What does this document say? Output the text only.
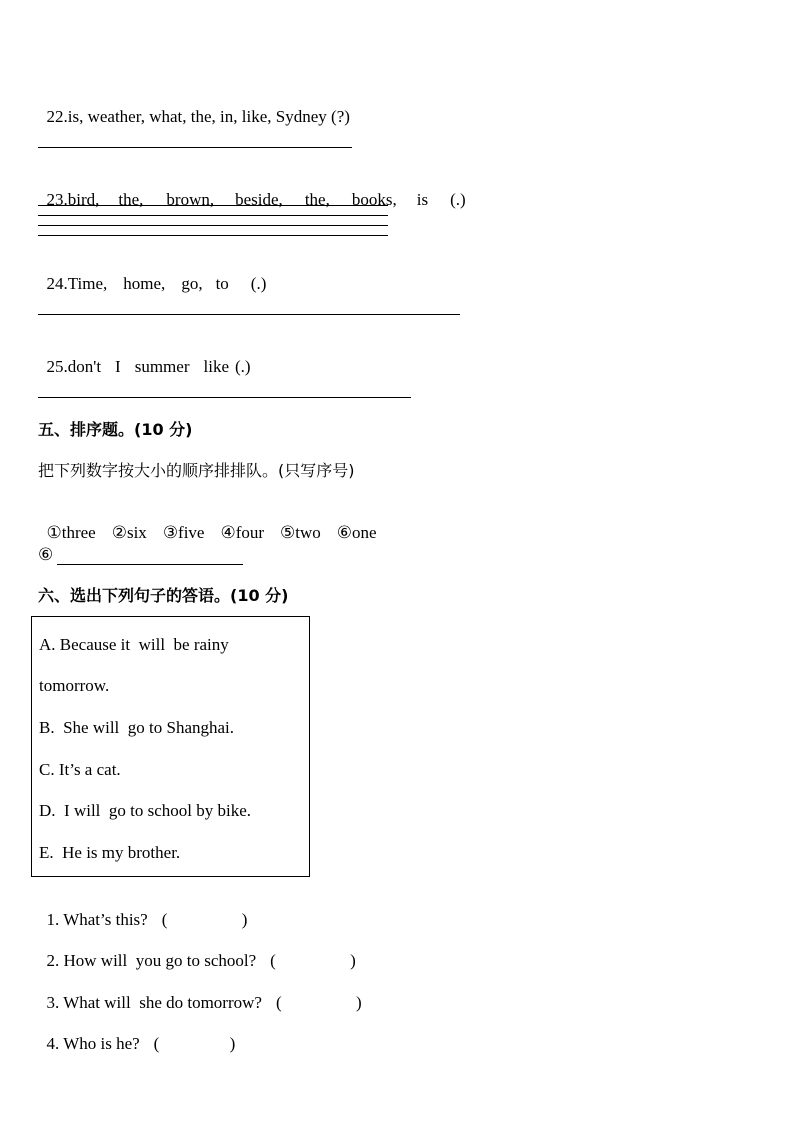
22.is, weather, what, the, in, like, Sydney (?)

23.bird, the, brown, beside, the, books, is (.)

24.Time, home, go, to (.)

25.don't I summer like (.)

五、排序题。(10 分)
把下列数字按大小的顺序排排队。(只写序号)

①three ②six ③five ④four ⑤two ⑥one

⑥
六、选出下列句子的答语。(10 分)
A. Because it  will  be rainy
tomorrow.
B.  She will  go to Shanghai.
C. It’s a cat.
D.  I will  go to school by bike.
E.  He is my brother.

1. What’s this? (	)

2. How will  you go to school? (	)

3. What will  she do tomorrow? (	)

4. Who is he? (	)
